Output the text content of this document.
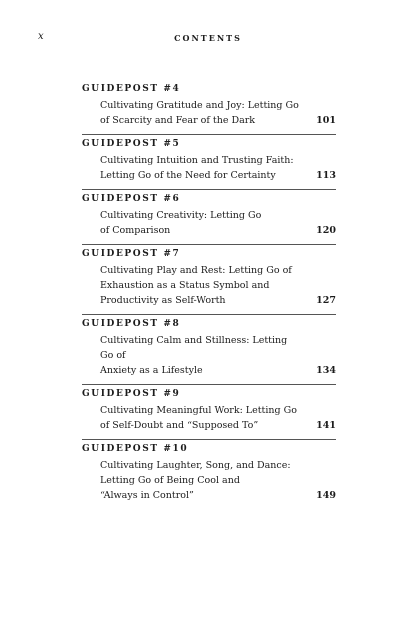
x	CONTENTS
GUIDEPOST #4
Cultivating Gratitude and Joy: Letting Go
of Scarcity and Fear of the Dark	101
GUIDEPOST #5
Cultivating Intuition and Trusting Faith:
Letting Go of the Need for Certainty	113
GUIDEPOST #6
Cultivating Creativity: Letting Go
of Comparison	120
GUIDEPOST #7
Cultivating Play and Rest: Letting Go of
Exhaustion as a Status Symbol and
Productivity as Self-Worth	127
GUIDEPOST #8
Cultivating Calm and Stillness: Letting Go of
Anxiety as a Lifestyle	134
GUIDEPOST #9
Cultivating Meaningful Work: Letting Go
of Self-Doubt and “Supposed To”	141
GUIDEPOST #10
Cultivating Laughter, Song, and Dance:
Letting Go of Being Cool and
“Always in Control”	149
